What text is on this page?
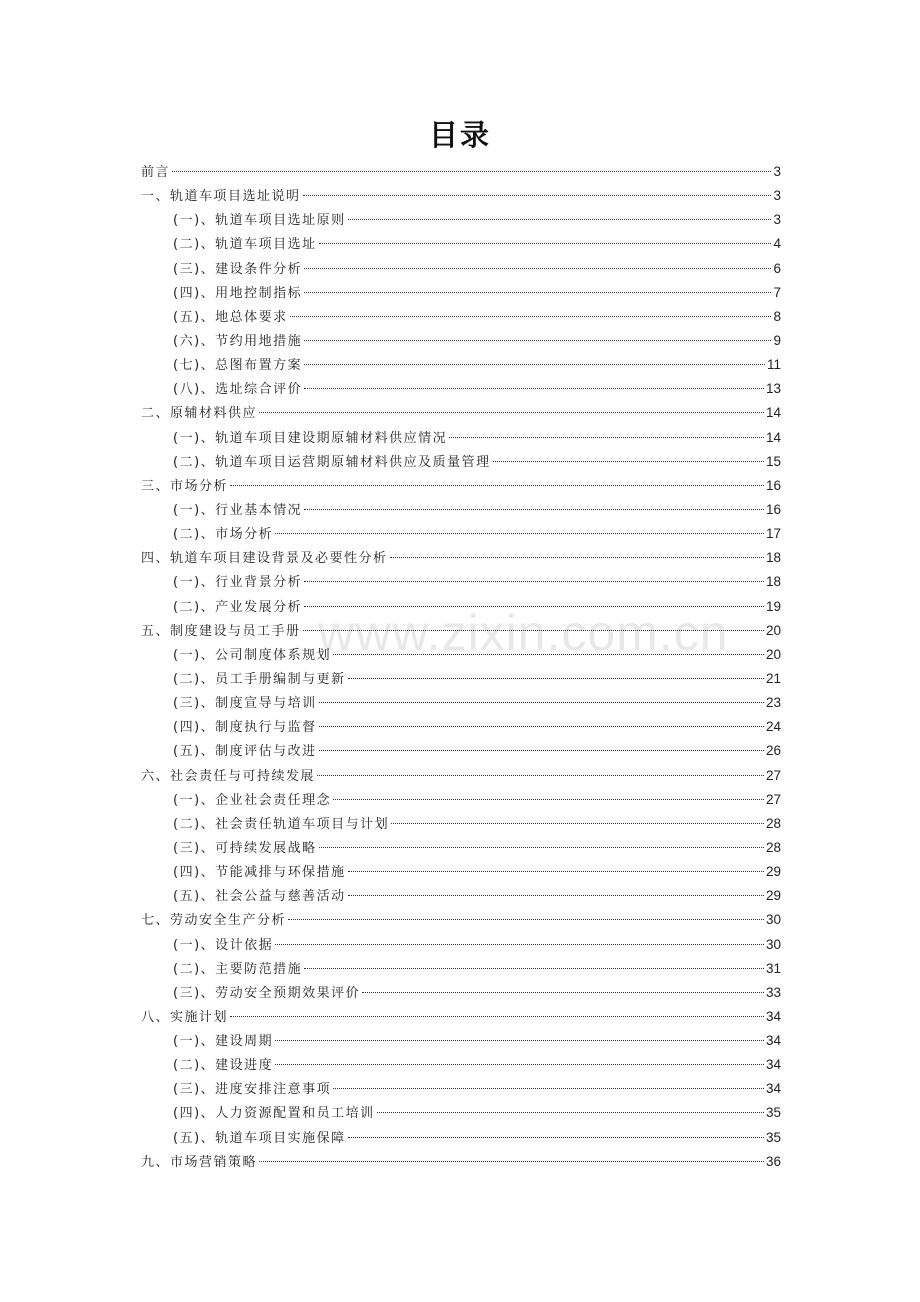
www.zixin.com.cn
目录
前言	3
一、轨道车项目选址说明	3
(一)、轨道车项目选址原则	3
(二)、轨道车项目选址	4
(三)、建设条件分析	6
(四)、用地控制指标	7
(五)、地总体要求	8
(六)、节约用地措施	9
(七)、总图布置方案	11
(八)、选址综合评价	13
二、原辅材料供应	14
(一)、轨道车项目建设期原辅材料供应情况	14
(二)、轨道车项目运营期原辅材料供应及质量管理	15
三、市场分析	16
(一)、行业基本情况	16
(二)、市场分析	17
四、轨道车项目建设背景及必要性分析	18
(一)、行业背景分析	18
(二)、产业发展分析	19
五、制度建设与员工手册	20
(一)、公司制度体系规划	20
(二)、员工手册编制与更新	21
(三)、制度宣导与培训	23
(四)、制度执行与监督	24
(五)、制度评估与改进	26
六、社会责任与可持续发展	27
(一)、企业社会责任理念	27
(二)、社会责任轨道车项目与计划	28
(三)、可持续发展战略	28
(四)、节能减排与环保措施	29
(五)、社会公益与慈善活动	29
七、劳动安全生产分析	30
(一)、设计依据	30
(二)、主要防范措施	31
(三)、劳动安全预期效果评价	33
八、实施计划	34
(一)、建设周期	34
(二)、建设进度	34
(三)、进度安排注意事项	34
(四)、人力资源配置和员工培训	35
(五)、轨道车项目实施保障	35
九、市场营销策略	36
